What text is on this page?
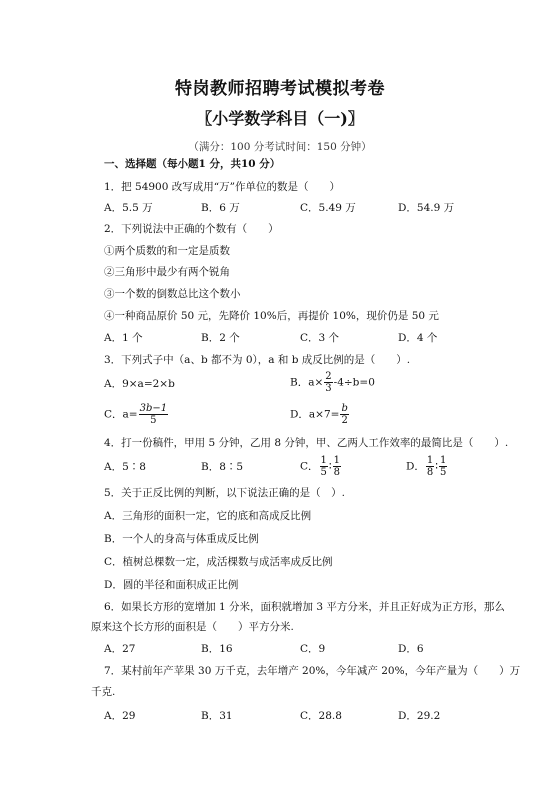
特岗教师招聘考试模拟考卷
〖小学数学科目（一)〗
（满分：100 分考试时间：150 分钟）
一、选择题（每小题1 分，共10 分）
1．把 54900 改写成用“万”作单位的数是（　　）
A．5.5 万	B．6 万	C．5.49 万	D．54.9 万
2．下列说法中正确的个数有（　　）
①两个质数的和一定是质数
②三角形中最少有两个锐角
③一个数的倒数总比这个数小
④一种商品原价 50 元，先降价 10%后，再提价 10%，现价仍是 50 元
A．1 个	B．2 个	C．3 个	D．4 个
3．下列式子中（a、b 都不为 0），a 和 b 成反比例的是（　　）.
A．9×a=2×b	B．$a\times \frac{2}{3} -4\div b=0$
C．$a= \frac{3b-1}{5}$	D．$a\times 7= \frac{b}{2}$
4．打一份稿件，甲用 5 分钟，乙用 8 分钟，甲、乙两人工作效率的最简比是（　　）.
A．5∶8	B．8∶5	C． $\frac{1}{5}$ ∶ $\frac{1}{8}$	D． $\frac{1}{8}$ ∶ $\frac{1}{5}$
5．关于正反比例的判断，以下说法正确的是（　）.
A．三角形的面积一定，它的底和高成反比例
B．一个人的身高与体重成反比例
C．植树总棵数一定，成活棵数与成活率成反比例
D．圆的半径和面积成正比例
6．如果长方形的宽增加 1 分米，面积就增加 3 平方分米，并且正好成为正方形，那么
原来这个长方形的面积是（　　）平方分米.
A．27	B．16	C．9	D．6
7．某村前年产苹果 30 万千克，去年增产 20%，今年减产 20%，今年产量为（　　）万
千克.
A．29	B．31	C．28.8	D．29.2
